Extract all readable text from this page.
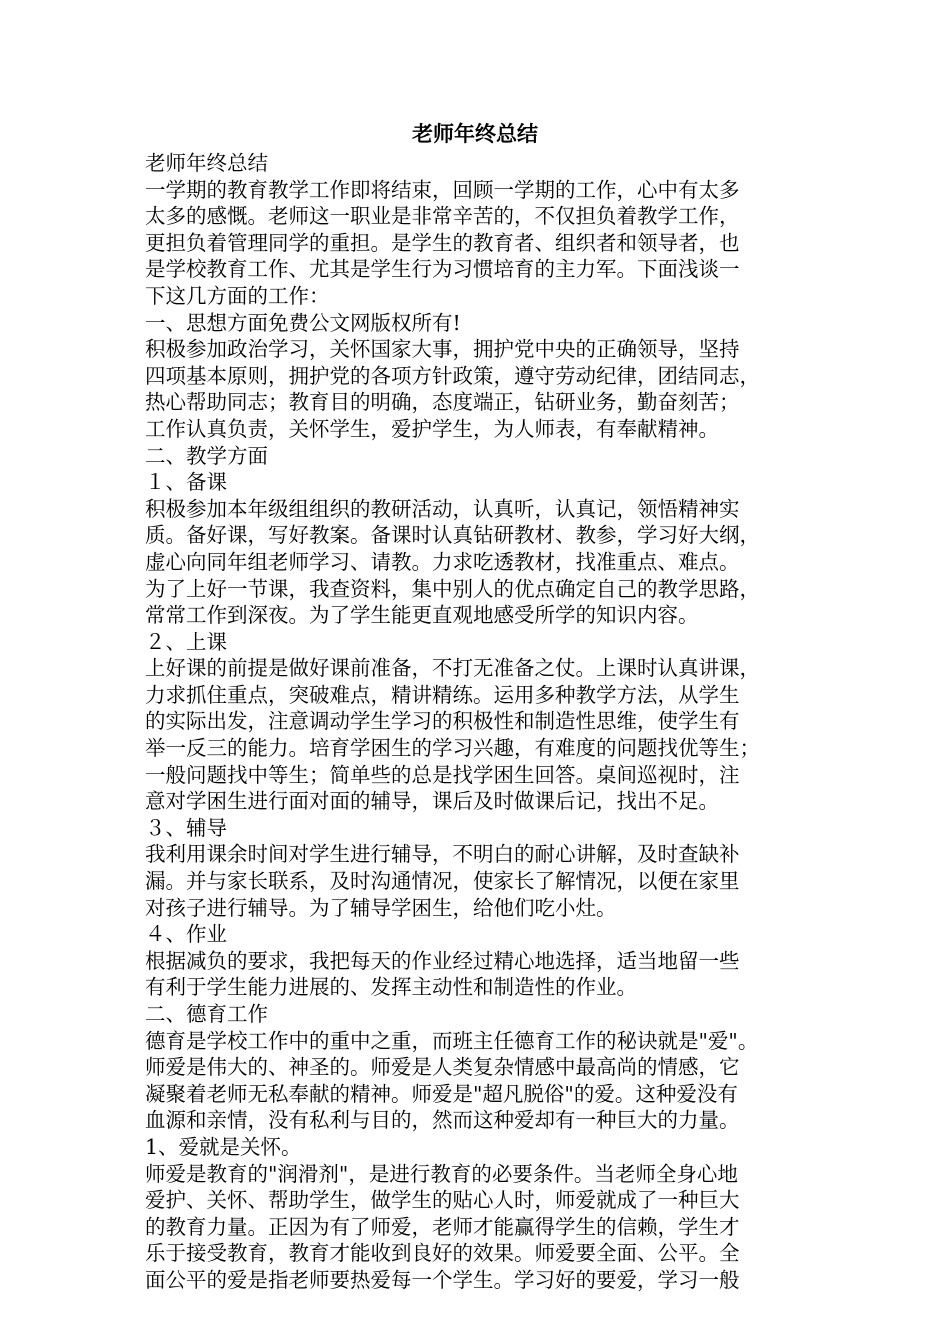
老师年终总结
老师年终总结
一学期的教育教学工作即将结束，回顾一学期的工作，心中有太多
太多的感慨。老师这一职业是非常辛苦的，不仅担负着教学工作，
更担负着管理同学的重担。是学生的教育者、组织者和领导者，也
是学校教育工作、尤其是学生行为习惯培育的主力军。下面浅谈一
下这几方面的工作：
一、思想方面免费公文网版权所有!
积极参加政治学习，关怀国家大事，拥护党中央的正确领导，坚持
四项基本原则，拥护党的各项方针政策，遵守劳动纪律，团结同志，
热心帮助同志；教育目的明确，态度端正，钻研业务，勤奋刻苦；
工作认真负责，关怀学生，爱护学生，为人师表，有奉献精神。
二、教学方面
１、备课
积极参加本年级组组织的教研活动，认真听，认真记，领悟精神实
质。备好课，写好教案。备课时认真钻研教材、教参，学习好大纲，
虚心向同年组老师学习、请教。力求吃透教材，找准重点、难点。
为了上好一节课，我查资料，集中别人的优点确定自己的教学思路，
常常工作到深夜。为了学生能更直观地感受所学的知识内容。
２、上课
上好课的前提是做好课前准备，不打无准备之仗。上课时认真讲课，
力求抓住重点，突破难点，精讲精练。运用多种教学方法，从学生
的实际出发，注意调动学生学习的积极性和制造性思维，使学生有
举一反三的能力。培育学困生的学习兴趣，有难度的问题找优等生；
一般问题找中等生；简单些的总是找学困生回答。桌间巡视时，注
意对学困生进行面对面的辅导，课后及时做课后记，找出不足。
３、辅导
我利用课余时间对学生进行辅导，不明白的耐心讲解，及时查缺补
漏。并与家长联系，及时沟通情况，使家长了解情况，以便在家里
对孩子进行辅导。为了辅导学困生，给他们吃小灶。
４、作业
根据减负的要求，我把每天的作业经过精心地选择，适当地留一些
有利于学生能力进展的、发挥主动性和制造性的作业。
二、德育工作
德育是学校工作中的重中之重，而班主任德育工作的秘诀就是"爱"。
师爱是伟大的、神圣的。师爱是人类复杂情感中最高尚的情感，它
凝聚着老师无私奉献的精神。师爱是"超凡脱俗"的爱。这种爱没有
血源和亲情，没有私利与目的，然而这种爱却有一种巨大的力量。
1、爱就是关怀。
师爱是教育的"润滑剂"，是进行教育的必要条件。当老师全身心地
爱护、关怀、帮助学生，做学生的贴心人时，师爱就成了一种巨大
的教育力量。正因为有了师爱，老师才能赢得学生的信赖，学生才
乐于接受教育，教育才能收到良好的效果。师爱要全面、公平。全
面公平的爱是指老师要热爱每一个学生。学习好的要爱，学习一般
